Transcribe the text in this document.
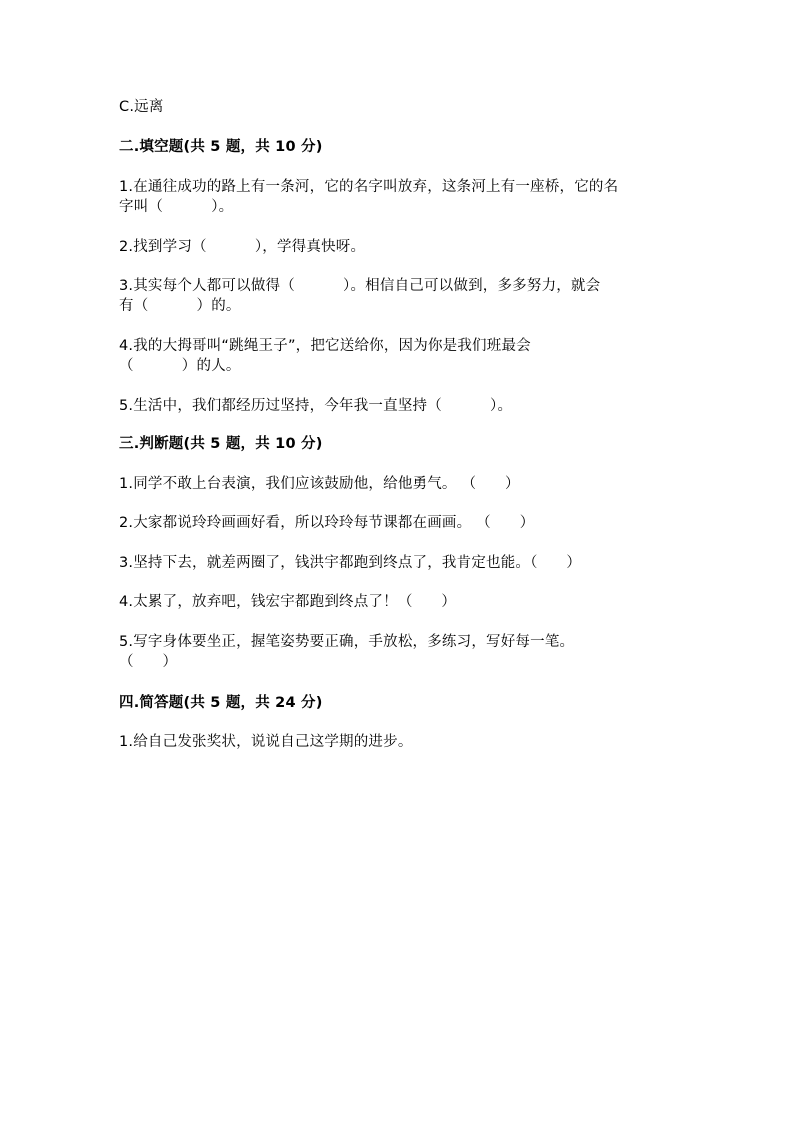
C.远离
二.填空题(共 5 题，共 10 分)
1.在通往成功的路上有一条河，它的名字叫放弃，这条河上有一座桥，它的名
字叫（          ）。
2.找到学习（          ），学得真快呀。
3.其实每个人都可以做得（          ）。相信自己可以做到，多多努力，就会
有（          ）的。
4.我的大拇哥叫“跳绳王子”，把它送给你，因为你是我们班最会
（          ）的人。
5.生活中，我们都经历过坚持，今年我一直坚持（          ）。
三.判断题(共 5 题，共 10 分)
1.同学不敢上台表演，我们应该鼓励他，给他勇气。 （      ）
2.大家都说玲玲画画好看，所以玲玲每节课都在画画。 （      ）
3.坚持下去，就差两圈了，钱洪宇都跑到终点了，我肯定也能。（      ）
4.太累了，放弃吧，钱宏宇都跑到终点了！（      ）
5.写字身体要坐正，握笔姿势要正确，手放松，多练习，写好每一笔。
（      ）
四.简答题(共 5 题，共 24 分)
1.给自己发张奖状，说说自己这学期的进步。
